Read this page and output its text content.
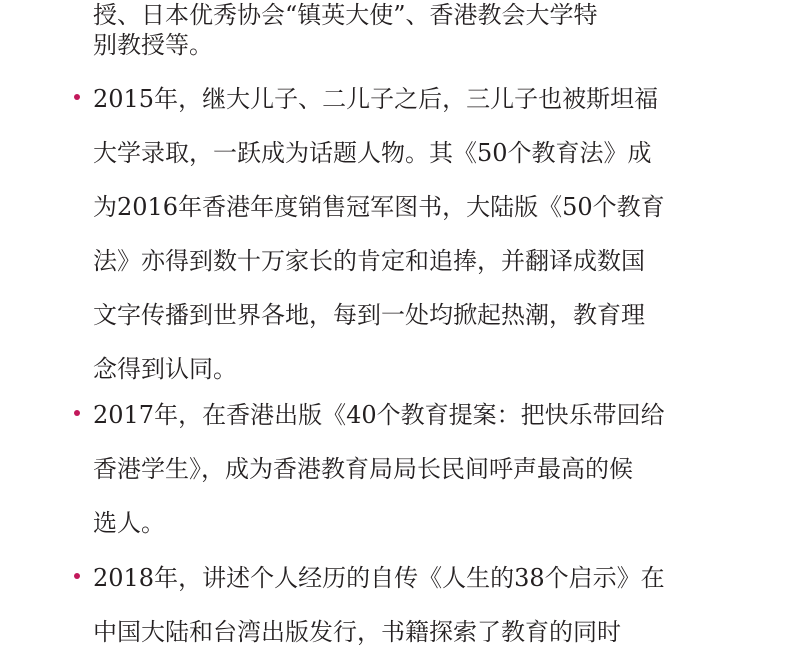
授、日本优秀协会“镇英大使”、香港教会大学特
别教授等。
2015年，继大儿子、二儿子之后，三儿子也被斯坦福
大学录取，一跃成为话题人物。其《50个教育法》成
为2016年香港年度销售冠军图书，大陆版《50个教育
法》亦得到数十万家长的肯定和追捧，并翻译成数国
文字传播到世界各地，每到一处均掀起热潮，教育理
念得到认同。
2017年，在香港出版《40个教育提案：把快乐带回给
香港学生》，成为香港教育局局长民间呼声最高的候
选人。
2018年，讲述个人经历的自传《人生的38个启示》在
中国大陆和台湾出版发行，书籍探索了教育的同时
